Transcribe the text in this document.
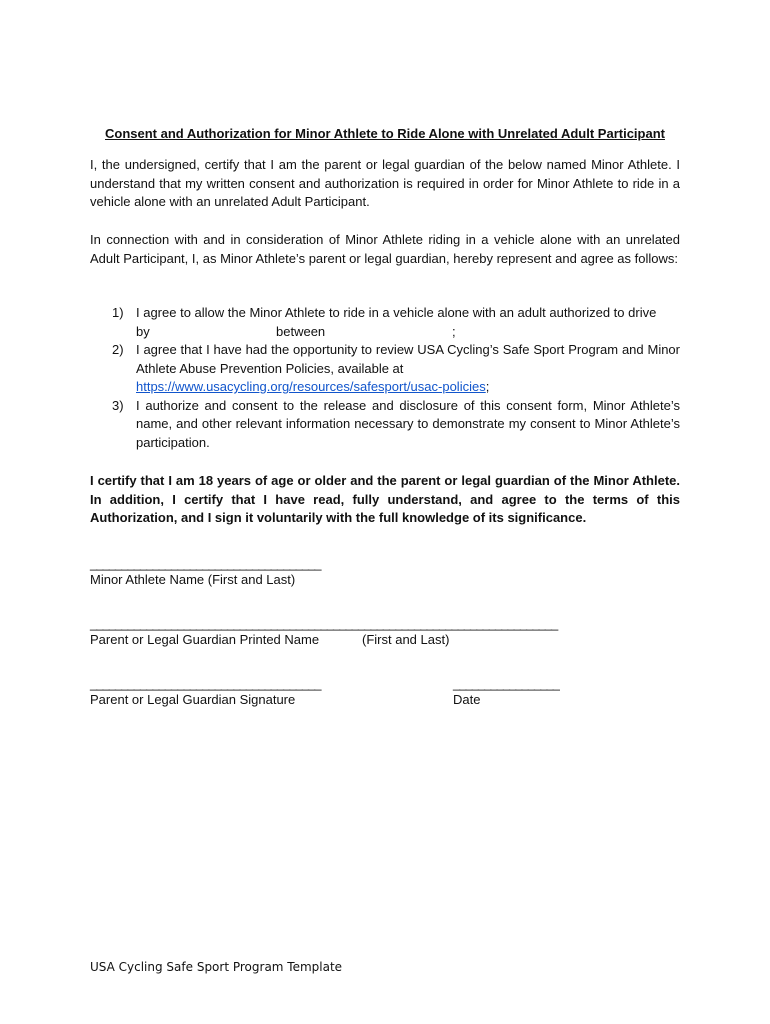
Consent and Authorization for Minor Athlete to Ride Alone with Unrelated Adult Participant

I, the undersigned, certify that I am the parent or legal guardian of the below named Minor Athlete. I understand that my written consent and authorization is required in order for Minor Athlete to ride in a vehicle alone with an unrelated Adult Participant.

In connection with and in consideration of Minor Athlete riding in a vehicle alone with an unrelated Adult Participant, I, as Minor Athlete’s parent or legal guardian, hereby represent and agree as follows:

1) I agree to allow the Minor Athlete to ride in a vehicle alone with an adult authorized to drive
by	between	;
2) I agree that I have had the opportunity to review USA Cycling’s Safe Sport Program and Minor Athlete Abuse Prevention Policies, available at
https://www.usacycling.org/resources/safesport/usac-policies;
3) I authorize and consent to the release and disclosure of this consent form, Minor Athlete’s name, and other relevant information necessary to demonstrate my consent to Minor Athlete’s participation.

I certify that I am 18 years of age or older and the parent or legal guardian of the Minor Athlete. In addition, I certify that I have read, fully understand, and agree to the terms of this Authorization, and I sign it voluntarily with the full knowledge of its significance.

_____________________________________
Minor Athlete Name (First and Last)
___________________________________________________________________________
Parent or Legal Guardian Printed Name	(First and Last)
_____________________________________
Parent or Legal Guardian Signature
_________________
Date
USA Cycling Safe Sport Program Template
